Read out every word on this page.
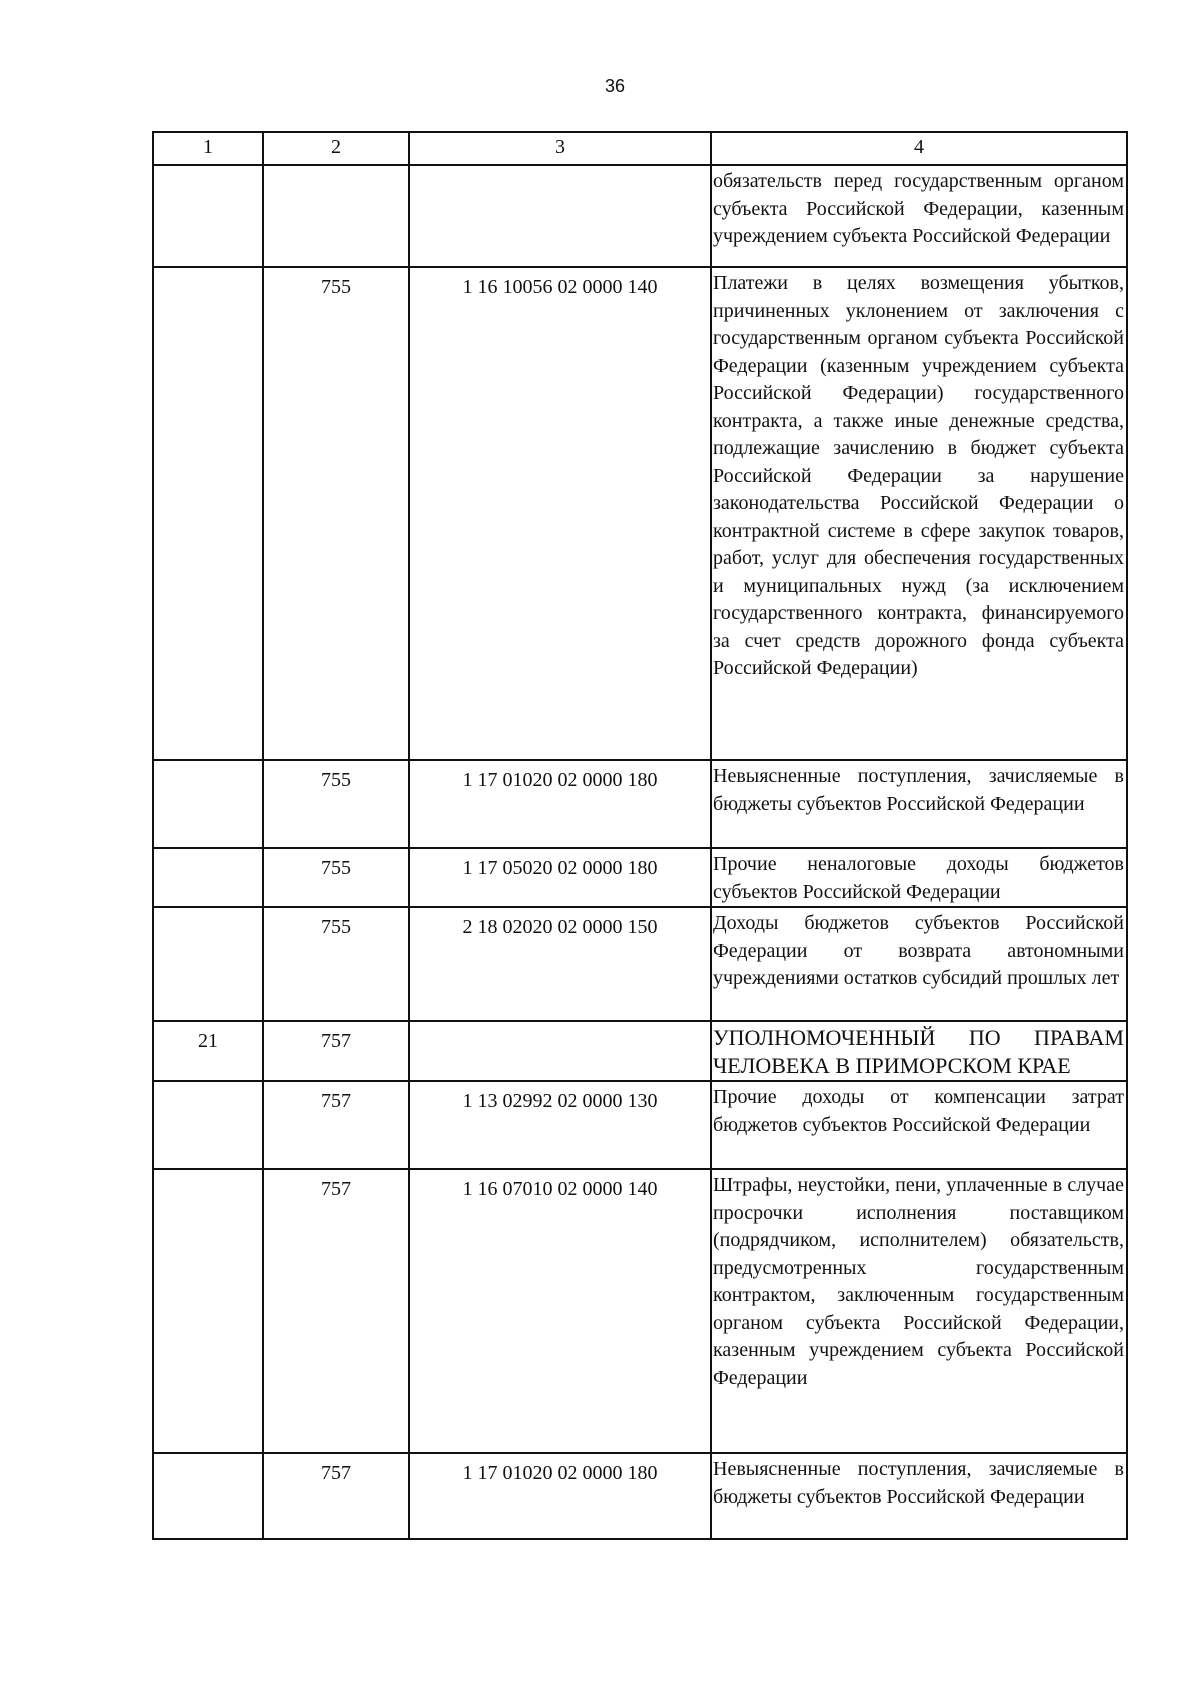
36
1	2	3	4
			обязательств перед государственным органом субъекта Российской Федерации, казенным учреждением субъекта Российской Федерации
	755	1 16 10056 02 0000 140	Платежи в целях возмещения убытков, причиненных уклонением от заключения с государственным органом субъекта Российской Федерации (казенным учреждением субъекта Российской Федерации) государственного контракта, а также иные денежные средства, подлежащие зачислению в бюджет субъекта Российской Федерации за нарушение законодательства Российской Федерации о контрактной системе в сфере закупок товаров, работ, услуг для обеспечения государственных и муниципальных нужд (за исключением государственного контракта, финансируемого за счет средств дорожного фонда субъекта Российской Федерации)
	755	1 17 01020 02 0000 180	Невыясненные поступления, зачисляемые в бюджеты субъектов Российской Федерации
	755	1 17 05020 02 0000 180	Прочие неналоговые доходы бюджетов субъектов Российской Федерации
	755	2 18 02020 02 0000 150	Доходы бюджетов субъектов Российской Федерации от возврата автономными учреждениями остатков субсидий прошлых лет
21	757		УПОЛНОМОЧЕННЫЙ ПО ПРАВАМ ЧЕЛОВЕКА В ПРИМОРСКОМ КРАЕ
	757	1 13 02992 02 0000 130	Прочие доходы от компенсации затрат бюджетов субъектов Российской Федерации
	757	1 16 07010 02 0000 140	Штрафы, неустойки, пени, уплаченные в случае просрочки исполнения поставщиком (подрядчиком, исполнителем) обязательств, предусмотренных государственным контрактом, заключенным государственным органом субъекта Российской Федерации, казенным учреждением субъекта Российской Федерации
	757	1 17 01020 02 0000 180	Невыясненные поступления, зачисляемые в бюджеты субъектов Российской Федерации
